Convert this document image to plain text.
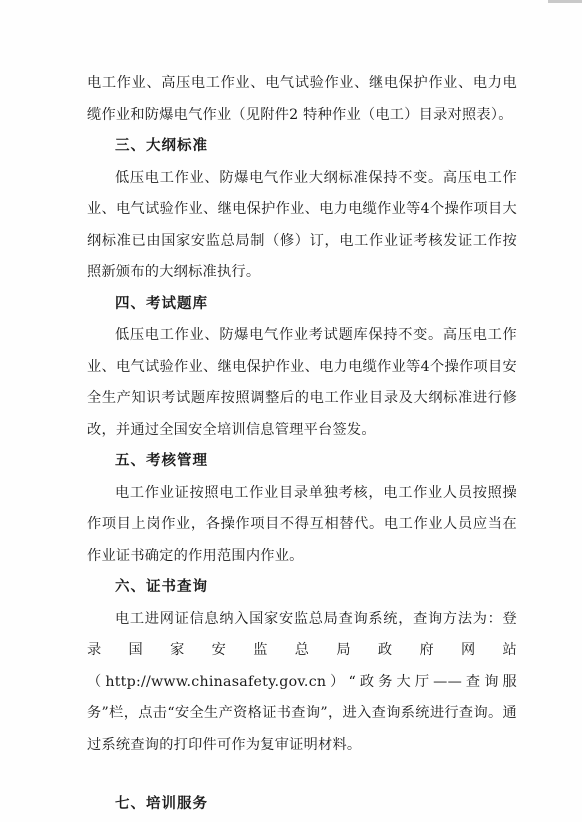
电工作业、高压电工作业、电气试验作业、继电保护作业、电力电缆作业和防爆电气作业（见附件2 特种作业（电工）目录对照表）。

三、大纲标准

低压电工作业、防爆电气作业大纲标准保持不变。高压电工作业、电气试验作业、继电保护作业、电力电缆作业等4个操作项目大纲标准已由国家安监总局制（修）订，电工作业证考核发证工作按照新颁布的大纲标准执行。

四、考试题库

低压电工作业、防爆电气作业考试题库保持不变。高压电工作业、电气试验作业、继电保护作业、电力电缆作业等4个操作项目安全生产知识考试题库按照调整后的电工作业目录及大纲标准进行修改，并通过全国安全培训信息管理平台签发。

五、考核管理

电工作业证按照电工作业目录单独考核，电工作业人员按照操作项目上岗作业，各操作项目不得互相替代。电工作业人员应当在作业证书确定的作用范围内作业。

六、证书查询

电工进网证信息纳入国家安监总局查询系统，查询方法为：登录国家安监总局政府网站（http://www.chinasafety.gov.cn）“政务大厅——查询服务”栏，点击“安全生产资格证书查询”，进入查询系统进行查询。通过系统查询的打印件可作为复审证明材料。

七、培训服务
